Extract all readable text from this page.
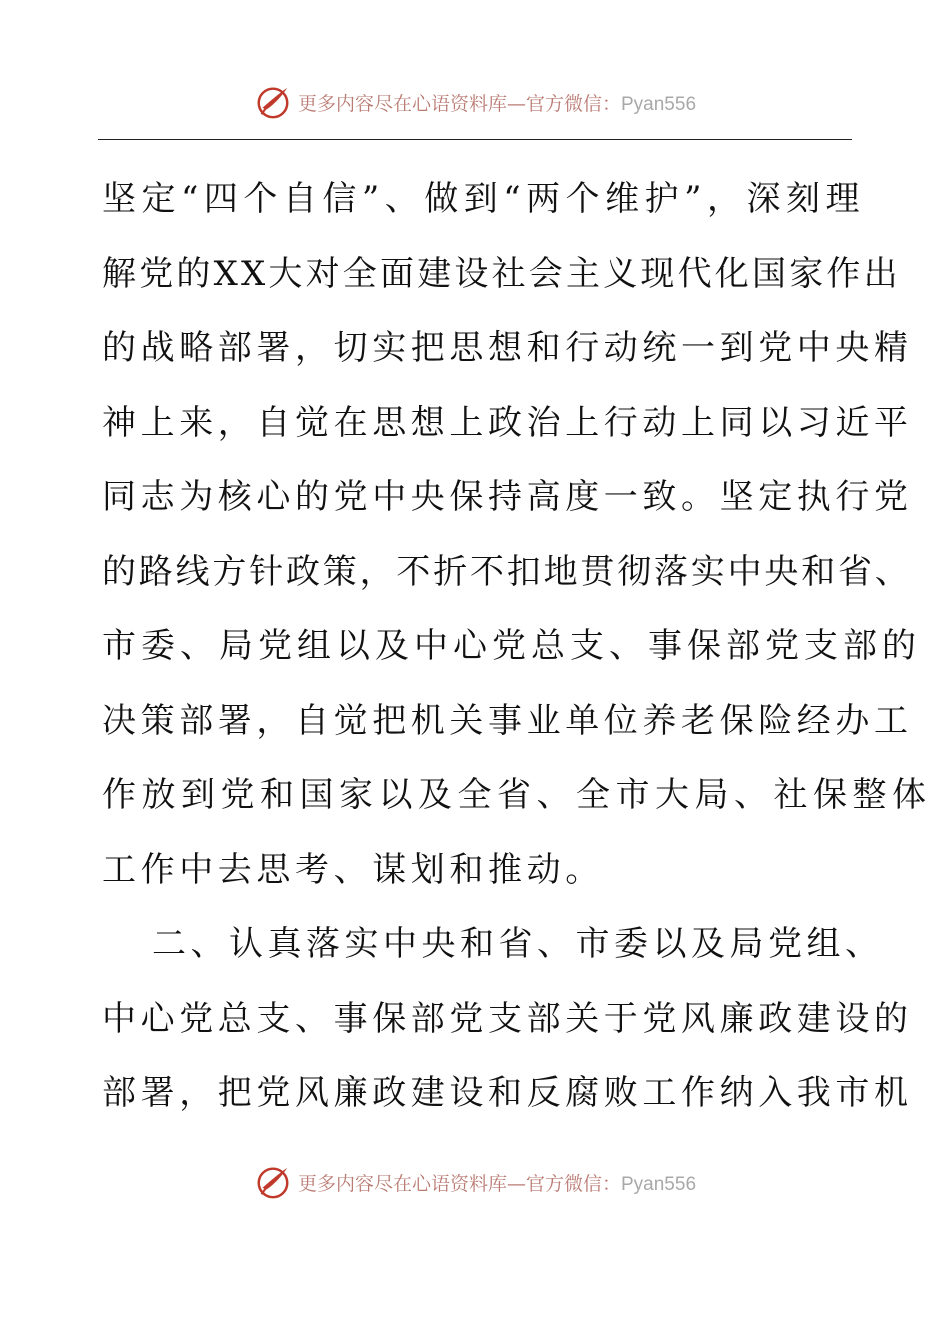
更多内容尽在心语资料库—官方微信：Pyan556
坚定“四个自信”、做到“两个维护”，深刻理
解党的XX大对全面建设社会主义现代化国家作出
的战略部署，切实把思想和行动统一到党中央精
神上来，自觉在思想上政治上行动上同以习近平
同志为核心的党中央保持高度一致。坚定执行党
的路线方针政策，不折不扣地贯彻落实中央和省、
市委、局党组以及中心党总支、事保部党支部的
决策部署，自觉把机关事业单位养老保险经办工
作放到党和国家以及全省、全市大局、社保整体
工作中去思考、谋划和推动。
二、认真落实中央和省、市委以及局党组、
中心党总支、事保部党支部关于党风廉政建设的
部署，把党风廉政建设和反腐败工作纳入我市机
更多内容尽在心语资料库—官方微信：Pyan556
